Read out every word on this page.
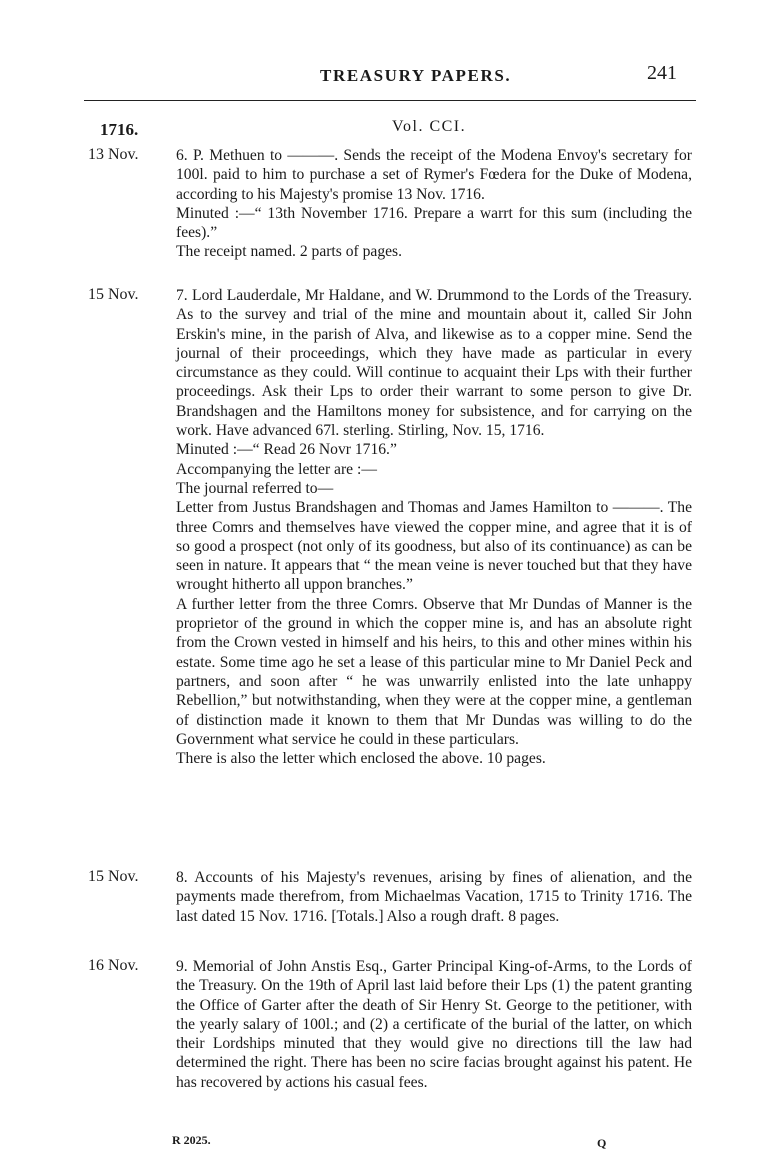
TREASURY PAPERS.	241
1716.	Vol. CCI.
13 Nov. 6. P. Methuen to ———. Sends the receipt of the Modena Envoy's secretary for 100l. paid to him to purchase a set of Rymer's Fœdera for the Duke of Modena, according to his Majesty's promise 13 Nov. 1716.

Minuted :—“ 13th November 1716. Prepare a warrt for this sum (including the fees).”

The receipt named. 2 parts of pages.

15 Nov. 7. Lord Lauderdale, Mr Haldane, and W. Drummond to the Lords of the Treasury. As to the survey and trial of the mine and mountain about it, called Sir John Erskin's mine, in the parish of Alva, and likewise as to a copper mine. Send the journal of their proceedings, which they have made as particular in every circumstance as they could. Will continue to acquaint their Lps with their further proceedings. Ask their Lps to order their warrant to some person to give Dr. Brandshagen and the Hamiltons money for subsistence, and for carrying on the work. Have advanced 67l. sterling. Stirling, Nov. 15, 1716.

Minuted :—“ Read 26 Novr 1716.”

Accompanying the letter are :—

The journal referred to—

Letter from Justus Brandshagen and Thomas and James Hamilton to ———. The three Comrs and themselves have viewed the copper mine, and agree that it is of so good a prospect (not only of its goodness, but also of its continuance) as can be seen in nature. It appears that “ the mean veine is never touched but that they have wrought hitherto all uppon branches.”

A further letter from the three Comrs. Observe that Mr Dundas of Manner is the proprietor of the ground in which the copper mine is, and has an absolute right from the Crown vested in himself and his heirs, to this and other mines within his estate. Some time ago he set a lease of this particular mine to Mr Daniel Peck and partners, and soon after “ he was unwarrily enlisted into the late unhappy Rebellion,” but notwithstanding, when they were at the copper mine, a gentleman of distinction made it known to them that Mr Dundas was willing to do the Government what service he could in these particulars.

There is also the letter which enclosed the above. 10 pages.

15 Nov. 8. Accounts of his Majesty's revenues, arising by fines of alienation, and the payments made therefrom, from Michaelmas Vacation, 1715 to Trinity 1716. The last dated 15 Nov. 1716. [Totals.] Also a rough draft. 8 pages.

16 Nov. 9. Memorial of John Anstis Esq., Garter Principal King-of-Arms, to the Lords of the Treasury. On the 19th of April last laid before their Lps (1) the patent granting the Office of Garter after the death of Sir Henry St. George to the petitioner, with the yearly salary of 100l.; and (2) a certificate of the burial of the latter, on which their Lordships minuted that they would give no directions till the law had determined the right. There has been no scire facias brought against his patent. He has recovered by actions his casual fees.

R 2025.	Q
